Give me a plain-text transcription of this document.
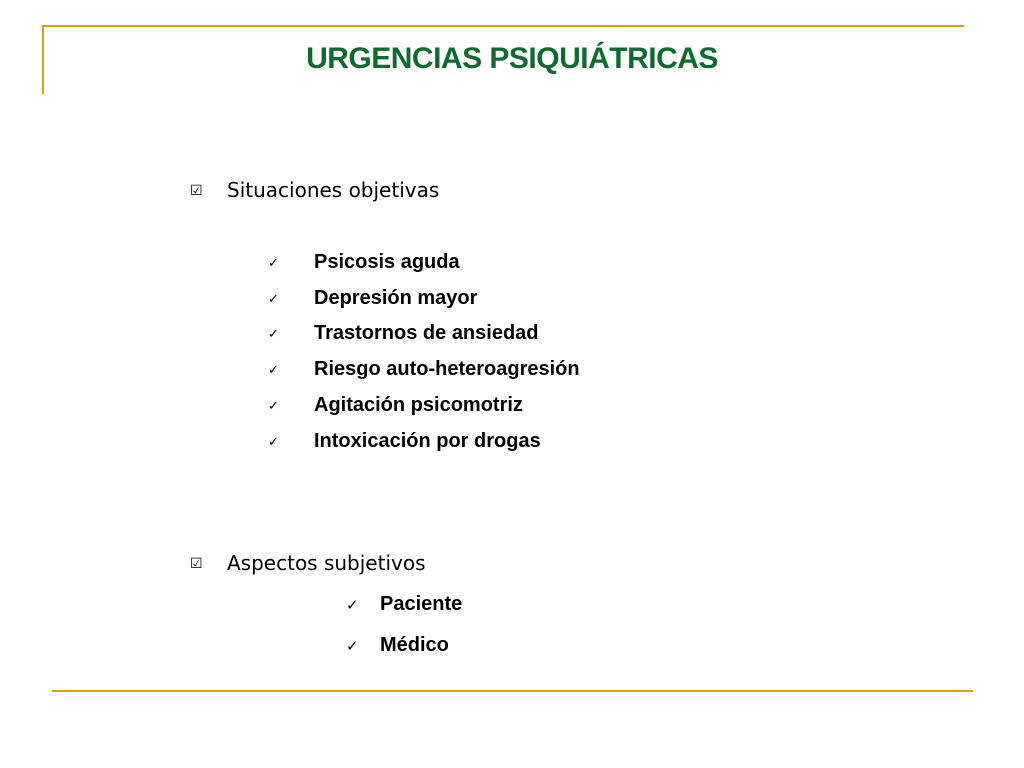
URGENCIAS PSIQUIÁTRICAS
☑ Situaciones objetivas
✓	Psicosis aguda
✓	Depresión mayor
✓	Trastornos de ansiedad
✓	Riesgo auto-heteroagresión
✓	Agitación psicomotriz
✓	Intoxicación por drogas
☑ Aspectos subjetivos
✓	Paciente
✓	Médico
